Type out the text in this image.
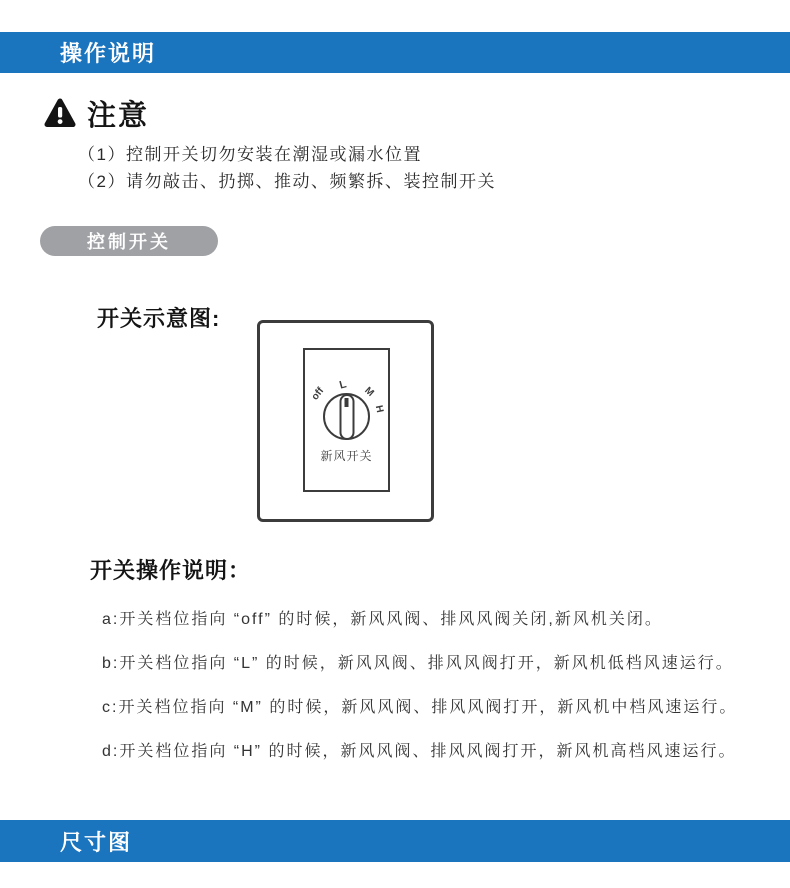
操作说明
注意

（1）控制开关切勿安装在潮湿或漏水位置

（2）请勿敲击、扔掷、推动、频繁拆、装控制开关

控制开关
开关示意图:
off
L
M
H
新风开关
开关操作说明：

a:开关档位指向 “off” 的时候，新风风阀、排风风阀关闭,新风机关闭。

b:开关档位指向 “L” 的时候，新风风阀、排风风阀打开，新风机低档风速运行。

c:开关档位指向 “M” 的时候，新风风阀、排风风阀打开，新风机中档风速运行。

d:开关档位指向 “H” 的时候，新风风阀、排风风阀打开，新风机高档风速运行。

尺寸图
